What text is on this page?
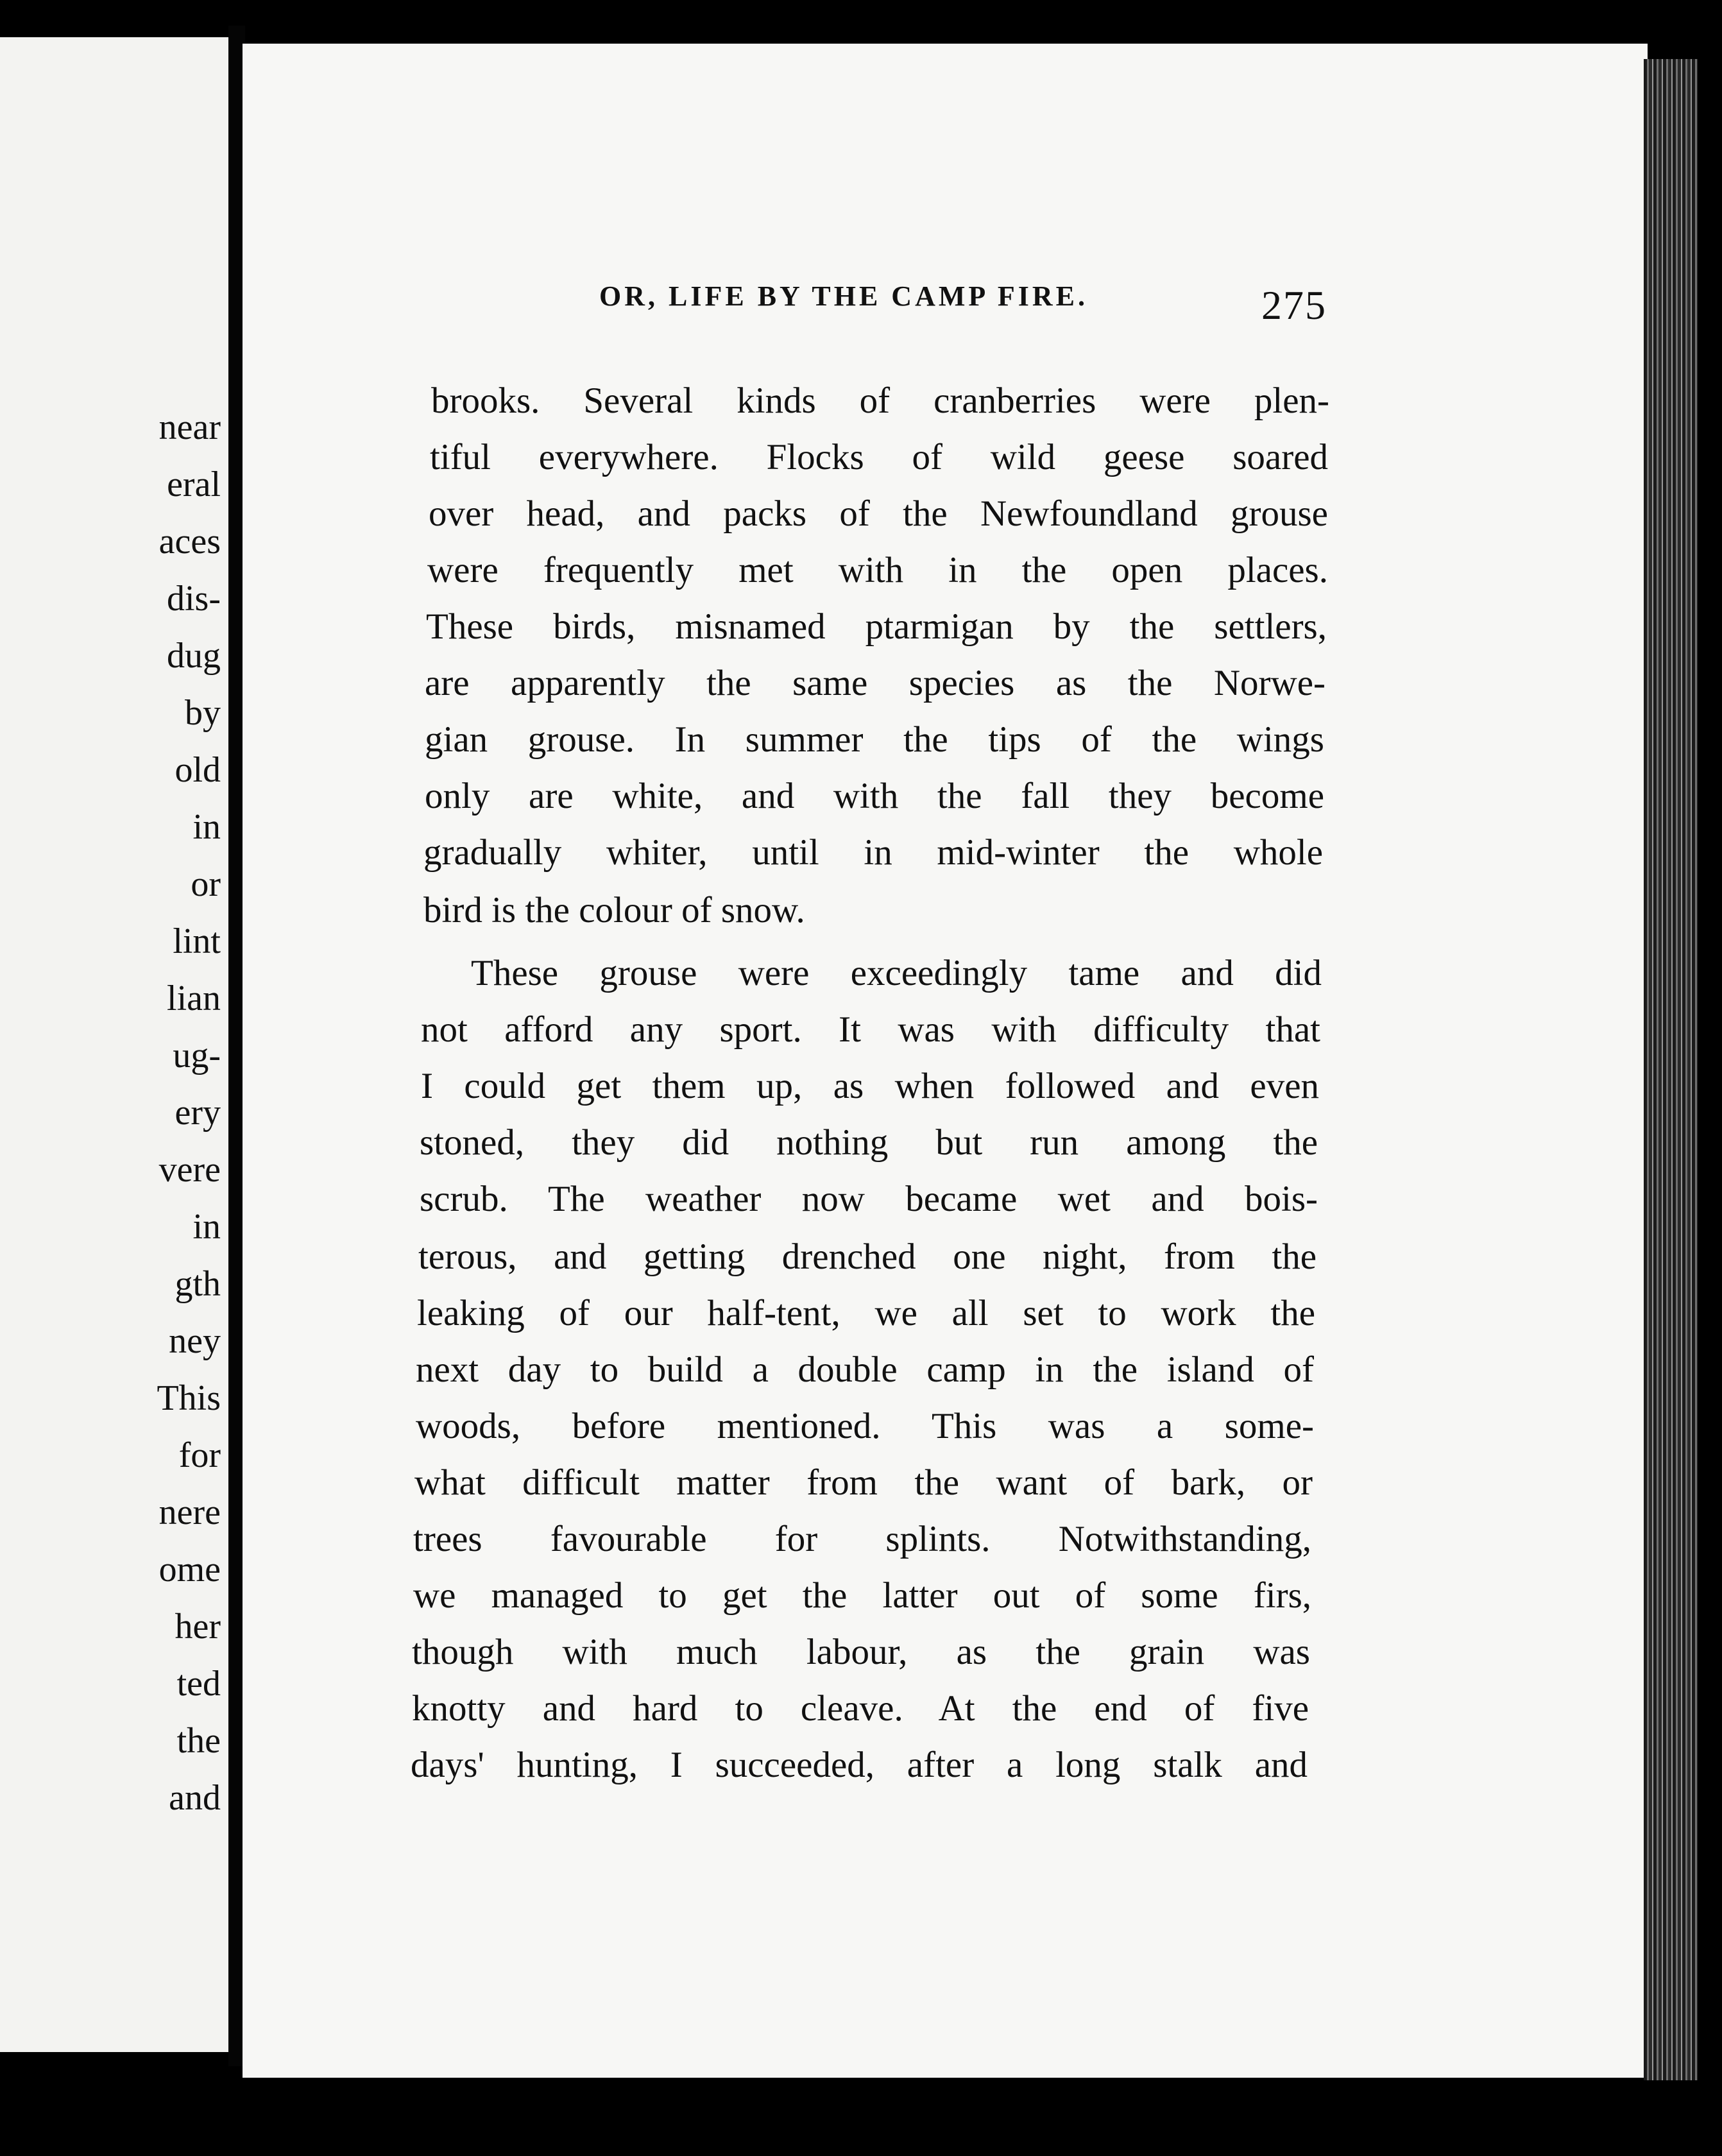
near
eral
aces
dis-
dug
by
old
in
or
lint
lian
ug-
ery
vere
in
gth
ney
This
for
nere
ome
her
ted
the
and
OR, LIFE BY THE CAMP FIRE.	275
brooks. Several kinds of cranberries were plen-
tiful everywhere. Flocks of wild geese soared
over head, and packs of the Newfoundland grouse
were frequently met with in the open places.
These birds, misnamed ptarmigan by the settlers,
are apparently the same species as the Norwe-
gian grouse. In summer the tips of the wings
only are white, and with the fall they become
gradually whiter, until in mid-winter the whole
bird is the colour of snow.
These grouse were exceedingly tame and did
not afford any sport. It was with difficulty that
I could get them up, as when followed and even
stoned, they did nothing but run among the
scrub. The weather now became wet and bois-
terous, and getting drenched one night, from the
leaking of our half-tent, we all set to work the
next day to build a double camp in the island of
woods, before mentioned. This was a some-
what difficult matter from the want of bark, or
trees favourable for splints. Notwithstanding,
we managed to get the latter out of some firs,
though with much labour, as the grain was
knotty and hard to cleave. At the end of five
days' hunting, I succeeded, after a long stalk and
